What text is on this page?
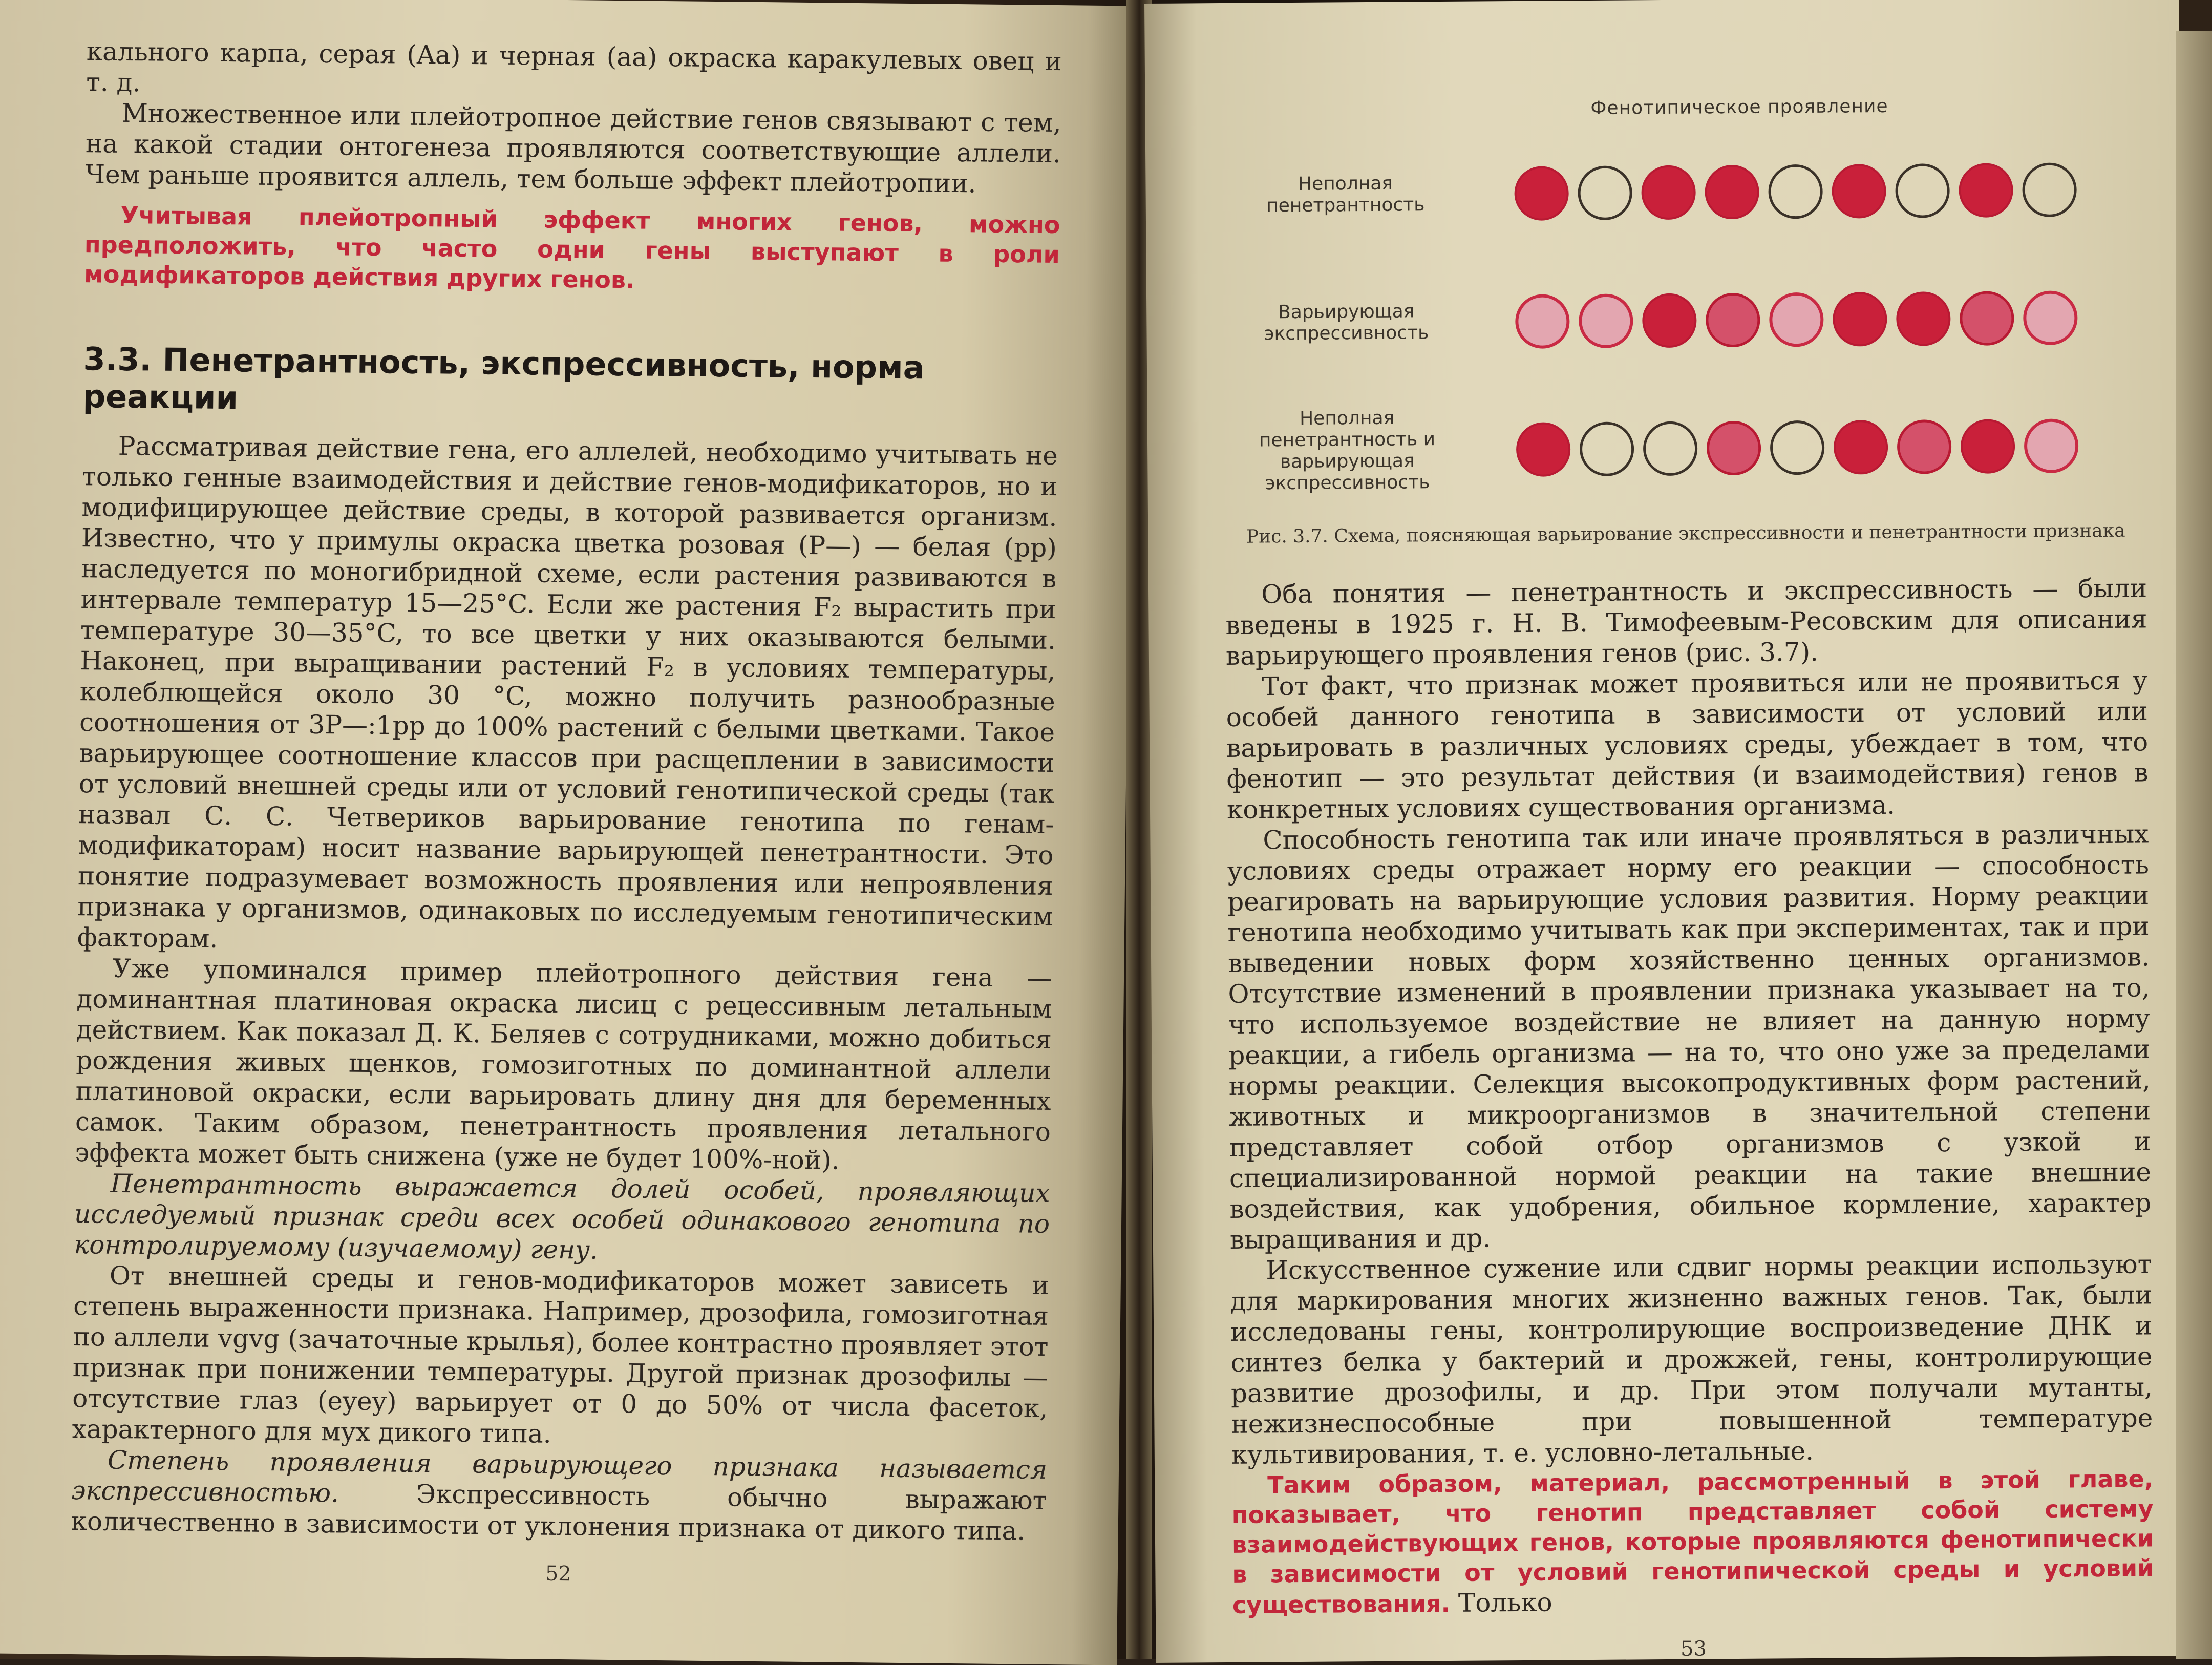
кального карпа, серая (Aa) и черная (aa) окраска каракулевых овец и т. д.

Множественное или плейотропное действие генов связывают с тем, на какой стадии онтогенеза проявляются соответствующие аллели. Чем раньше проявится аллель, тем больше эффект плейотропии.

Учитывая плейотропный эффект многих генов, можно предположить, что часто одни гены выступают в роли модификаторов действия других генов.

3.3. Пенетрантность, экспрессивность, норма реакции

Рассматривая действие гена, его аллелей, необходимо учитывать не только генные взаимодействия и действие генов-модификаторов, но и модифицирующее действие среды, в которой развивается организм. Известно, что у примулы окраска цветка розовая (P—) — белая (pp) наследуется по моногибридной схеме, если растения развиваются в интервале температур 15—25°C. Если же растения F₂ вырастить при температуре 30—35°C, то все цветки у них оказываются белыми. Наконец, при выращивании растений F₂ в условиях температуры, колеблющейся около 30 °C, можно получить разнообразные соотношения от 3P—:1pp до 100% растений с белыми цветками. Такое варьирующее соотношение классов при расщеплении в зависимости от условий внешней среды или от условий генотипической среды (так назвал С. С. Четвериков варьирование генотипа по генам-модификаторам) носит название варьирующей пенетрантности. Это понятие подразумевает возможность проявления или непроявления признака у организмов, одинаковых по исследуемым генотипическим факторам.

Уже упоминался пример плейотропного действия гена — доминантная платиновая окраска лисиц с рецессивным летальным действием. Как показал Д. К. Беляев с сотрудниками, можно добиться рождения живых щенков, гомозиготных по доминантной аллели платиновой окраски, если варьировать длину дня для беременных самок. Таким образом, пенетрантность проявления летального эффекта может быть снижена (уже не будет 100%-ной).

Пенетрантность выражается долей особей, проявляющих исследуемый признак среди всех особей одинакового генотипа по контролируемому (изучаемому) гену.

От внешней среды и генов-модификаторов может зависеть и степень выраженности признака. Например, дрозофила, гомозиготная по аллели vgvg (зачаточные крылья), более контрастно проявляет этот признак при понижении температуры. Другой признак дрозофилы — отсутствие глаз (eyey) варьирует от 0 до 50% от числа фасеток, характерного для мух дикого типа.

Степень проявления варьирующего признака называется экспрессивностью. Экспрессивность обычно выражают количественно в зависимости от уклонения признака от дикого типа.

52
Фенотипическое проявление
Неполная пенетрантность
Варьирующая экспрессивность
Неполная пенетрантность и варьирующая экспрессивность
Рис. 3.7. Схема, поясняющая варьирование экспрессивности и пенетрантности признака

Оба понятия — пенетрантность и экспрессивность — были введены в 1925 г. Н. В. Тимофеевым-Ресовским для описания варьирующего проявления генов (рис. 3.7).

Тот факт, что признак может проявиться или не проявиться у особей данного генотипа в зависимости от условий или варьировать в различных условиях среды, убеждает в том, что фенотип — это результат действия (и взаимодействия) генов в конкретных условиях существования организма.

Способность генотипа так или иначе проявляться в различных условиях среды отражает норму его реакции — способность реагировать на варьирующие условия развития. Норму реакции генотипа необходимо учитывать как при экспериментах, так и при выведении новых форм хозяйственно ценных организмов. Отсутствие изменений в проявлении признака указывает на то, что используемое воздействие не влияет на данную норму реакции, а гибель организма — на то, что оно уже за пределами нормы реакции. Селекция высокопродуктивных форм растений, животных и микроорганизмов в значительной степени представляет собой отбор организмов с узкой и специализированной нормой реакции на такие внешние воздействия, как удобрения, обильное кормление, характер выращивания и др.

Искусственное сужение или сдвиг нормы реакции используют для маркирования многих жизненно важных генов. Так, были исследованы гены, контролирующие воспроизведение ДНК и синтез белка у бактерий и дрожжей, гены, контролирующие развитие дрозофилы, и др. При этом получали мутанты, нежизнеспособные при повышенной температуре культивирования, т. е. условно-летальные.

Таким образом, материал, рассмотренный в этой главе, показывает, что генотип представляет собой систему взаимодействующих генов, которые проявляются фенотипически в зависимости от условий генотипической среды и условий существования. Только

53
